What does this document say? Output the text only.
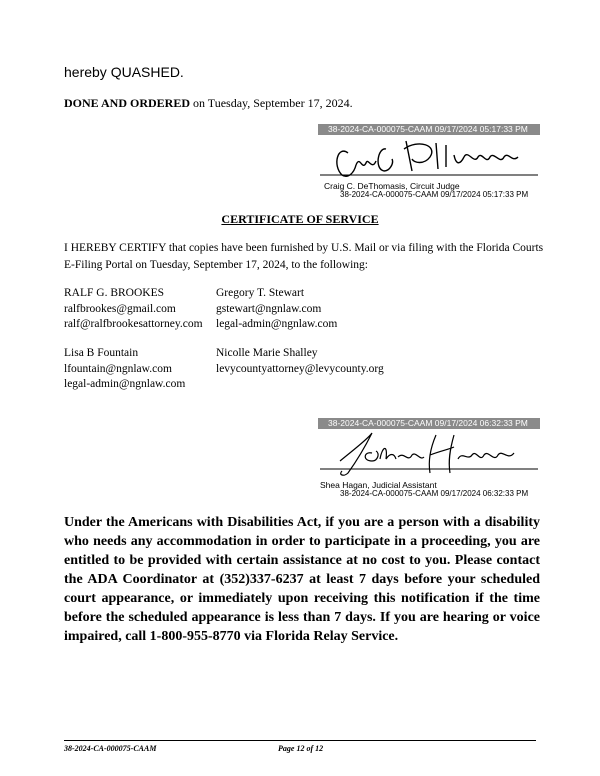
hereby QUASHED.
DONE AND ORDERED on Tuesday, September 17, 2024.
38-2024-CA-000075-CAAM 09/17/2024 05:17:33 PM
Craig C. DeThomasis, Circuit Judge
38-2024-CA-000075-CAAM 09/17/2024 05:17:33 PM
CERTIFICATE OF SERVICE
I HEREBY CERTIFY that copies have been furnished by U.S. Mail or via filing with the Florida Courts E-Filing Portal on Tuesday, September 17, 2024, to the following:
RALF G. BROOKES
ralfbrookes@gmail.com
ralf@ralfbrookesattorney.com
Gregory T. Stewart
gstewart@ngnlaw.com
legal-admin@ngnlaw.com
Lisa B Fountain
lfountain@ngnlaw.com
legal-admin@ngnlaw.com
Nicolle Marie Shalley
levycountyattorney@levycounty.org
38-2024-CA-000075-CAAM 09/17/2024 06:32:33 PM
Shea Hagan, Judicial Assistant
38-2024-CA-000075-CAAM 09/17/2024 06:32:33 PM
Under the Americans with Disabilities Act, if you are a person with a disability who needs any accommodation in order to participate in a proceeding, you are entitled to be provided with certain assistance at no cost to you. Please contact the ADA Coordinator at (352)337-6237 at least 7 days before your scheduled court appearance, or immediately upon receiving this notification if the time before the scheduled appearance is less than 7 days. If you are hearing or voice impaired, call 1-800-955-8770 via Florida Relay Service.
38-2024-CA-000075-CAAM	Page 12 of 12
